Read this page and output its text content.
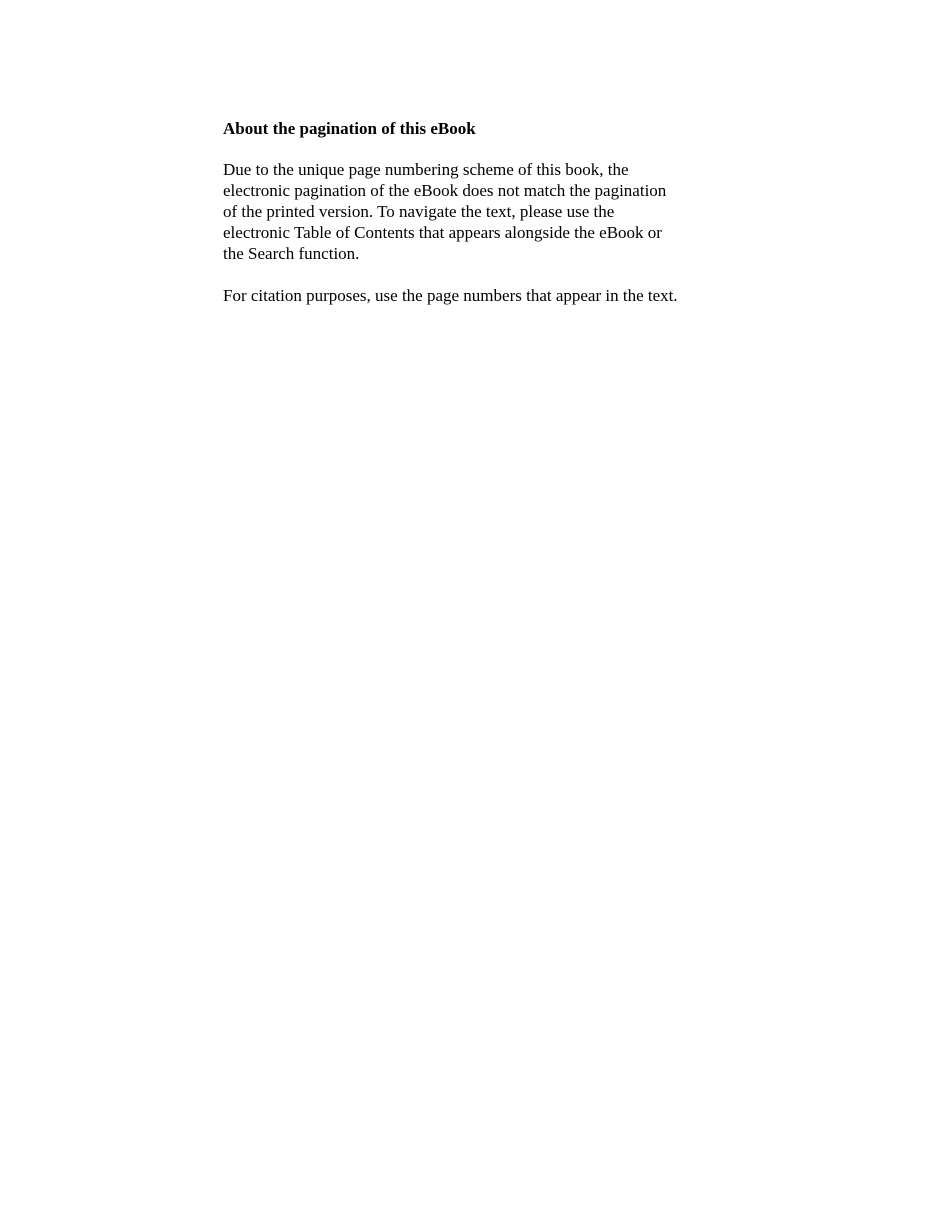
About the pagination of this eBook
Due to the unique page numbering scheme of this book, the
electronic pagination of the eBook does not match the pagination
of the printed version. To navigate the text, please use the
electronic Table of Contents that appears alongside the eBook or
the Search function.
For citation purposes, use the page numbers that appear in the text.
